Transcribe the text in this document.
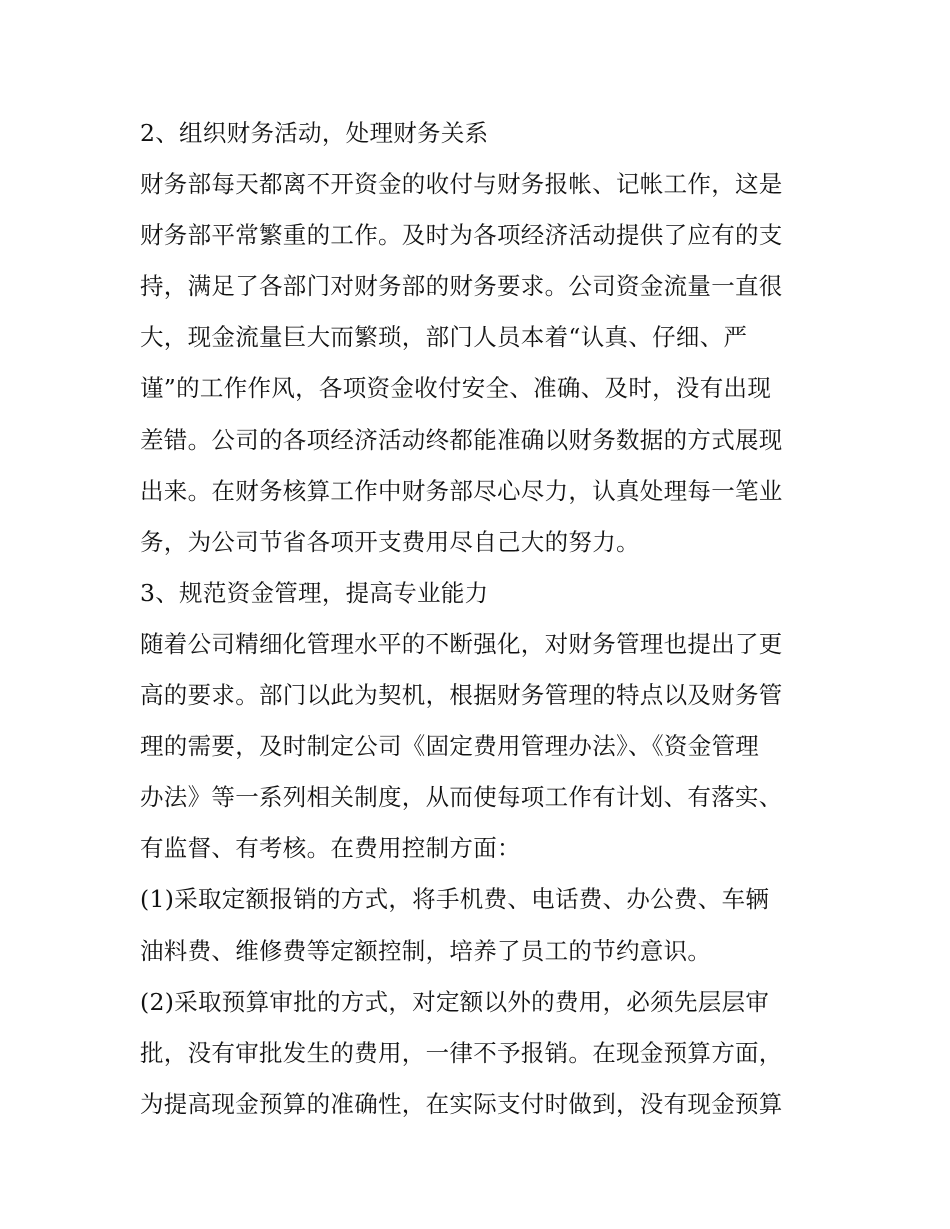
2、组织财务活动，处理财务关系
财务部每天都离不开资金的收付与财务报帐、记帐工作，这是
财务部平常繁重的工作。及时为各项经济活动提供了应有的支
持，满足了各部门对财务部的财务要求。公司资金流量一直很
大，现金流量巨大而繁琐，部门人员本着“认真、仔细、严
谨”的工作作风，各项资金收付安全、准确、及时，没有出现
差错。公司的各项经济活动终都能准确以财务数据的方式展现
出来。在财务核算工作中财务部尽心尽力，认真处理每一笔业
务，为公司节省各项开支费用尽自己大的努力。
3、规范资金管理，提高专业能力
随着公司精细化管理水平的不断强化，对财务管理也提出了更
高的要求。部门以此为契机，根据财务管理的特点以及财务管
理的需要，及时制定公司《固定费用管理办法》、《资金管理
办法》等一系列相关制度，从而使每项工作有计划、有落实、
有监督、有考核。在费用控制方面：
(1)采取定额报销的方式，将手机费、电话费、办公费、车辆
油料费、维修费等定额控制，培养了员工的节约意识。
(2)采取预算审批的方式，对定额以外的费用，必须先层层审
批，没有审批发生的费用，一律不予报销。在现金预算方面，
为提高现金预算的准确性，在实际支付时做到，没有现金预算
